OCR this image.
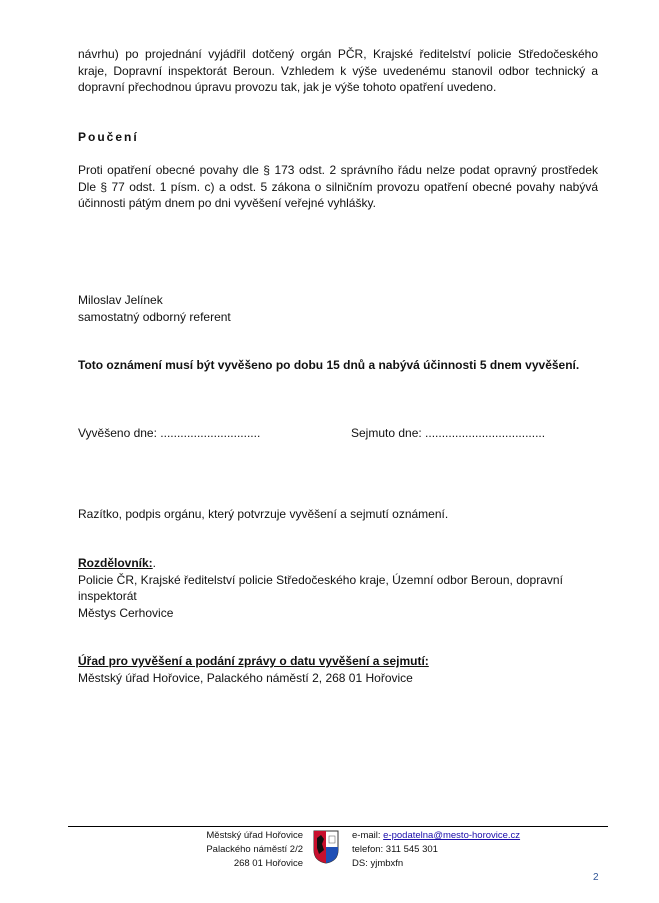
návrhu) po projednání vyjádřil dotčený orgán PČR, Krajské ředitelství policie Středočeského

kraje, Dopravní inspektorát Beroun. Vzhledem k výše uvedenému stanovil odbor technický a

dopravní přechodnou úpravu provozu tak, jak je výše tohoto opatření uvedeno.

Poučení

Proti opatření obecné povahy dle § 173 odst. 2 správního řádu nelze podat opravný prostředek

Dle § 77 odst. 1 písm. c) a odst. 5 zákona o silničním provozu opatření obecné povahy nabývá

účinnosti pátým dnem po dni vyvěšení veřejné vyhlášky.

Miloslav Jelínek

samostatný odborný referent

Toto oznámení musí být vyvěšeno po dobu 15 dnů a nabývá účinnosti 5 dnem vyvěšení.
Vyvěšeno dne: ..............................	Sejmuto dne: ....................................
Razítko, podpis orgánu, který potvrzuje vyvěšení a sejmutí oznámení.

Rozdělovník:.

Policie ČR, Krajské ředitelství policie Středočeského kraje, Územní odbor Beroun, dopravní

inspektorát

Městys Cerhovice

Úřad pro vyvěšení a podání zprávy o datu vyvěšení a sejmutí:

Městský úřad Hořovice, Palackého náměstí 2, 268 01 Hořovice

Městský úřad Hořovice
Palackého náměstí 2/2
268 01 Hořovice
e-mail: e-podatelna@mesto-horovice.cz
telefon: 311 545 301
DS: yjmbxfn
2
